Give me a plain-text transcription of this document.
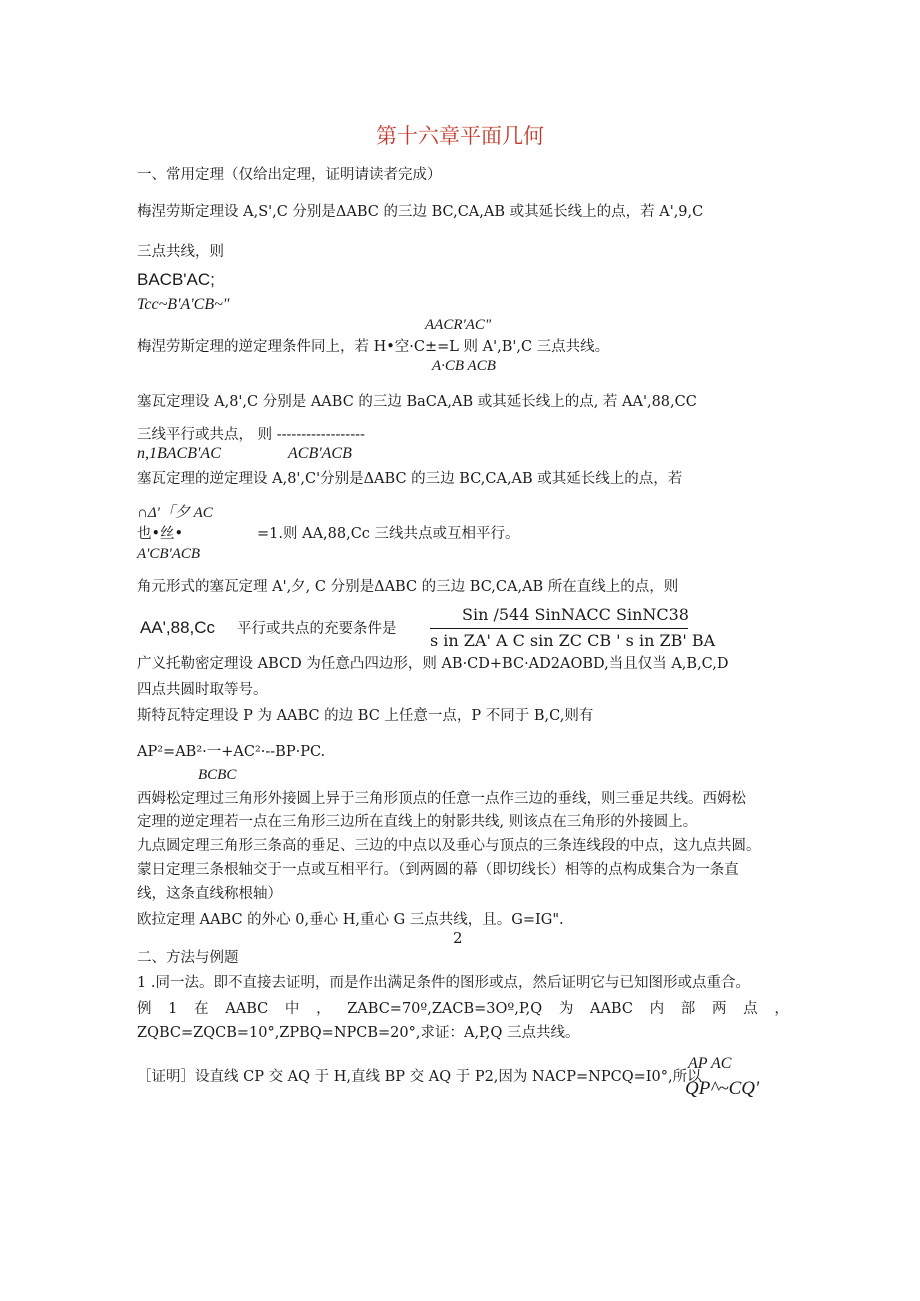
第十六章平面几何
一、常用定理（仅给出定理，证明请读者完成）
梅涅劳斯定理设 A,S',C 分别是ΔABC 的三边 BC,CA,AB 或其延长线上的点，若 A',9,C
三点共线，则
BACB'AC;
Tcc~B'A'CB~"
AACR'AC"
梅涅劳斯定理的逆定理条件同上，若 H•空·C±=L 则 A',B',C 三点共线。
A·CB ACB
塞瓦定理设 A,8',C 分别是 AABC 的三边 BaCA,AB 或其延长线上的点, 若 AA',88,CC
三线平行或共点， 则 ------------------
n,1BACB'AC	ACB'ACB
塞瓦定理的逆定理设 A,8',C'分别是ΔABC 的三边 BC,CA,AB 或其延长线上的点，若
∩Δ'「夕 AC
也•丝•	=1.则 AA,88,Cc 三线共点或互相平行。
A'CB'ACB
角元形式的塞瓦定理 A',夕, C 分别是ΔABC 的三边 BC,CA,AB 所在直线上的点，则
AA',88,Cc 平行或共点的充要条件是
Sin /544 SinNACC SinNC38
s in ZA' A C sin ZC CB ' s in ZB' BA
广义托勒密定理设 ABCD 为任意凸四边形，则 AB·CD+BC·AD2AOBD,当且仅当 A,B,C,D
四点共圆时取等号。
斯特瓦特定理设 P 为 AABC 的边 BC 上任意一点，P 不同于 B,C,则有
AP²=AB²·一+AC²·--BP·PC.
BCBC
西姆松定理过三角形外接圆上异于三角形顶点的任意一点作三边的垂线，则三垂足共线。西姆松
定理的逆定理若一点在三角形三边所在直线上的射影共线, 则该点在三角形的外接圆上。
九点圆定理三角形三条高的垂足、三边的中点以及垂心与顶点的三条连线段的中点，这九点共圆。
蒙日定理三条根轴交于一点或互相平行。（到两圆的幕（即切线长）相等的点构成集合为一条直
线，这条直线称根轴）
欧拉定理 AABC 的外心 0,垂心 H,重心 G 三点共线，且。G=IG".
2
二、方法与例题
1 .同一法。即不直接去证明，而是作出满足条件的图形或点，然后证明它与已知图形或点重合。
例 1 在 AABC 中 ， ZABC=70º,ZACB=3Oº,P,Q 为 AABC 内 部 两 点 ，
ZQBC=ZQCB=10°,ZPBQ=NPCB=20°,求证：A,P,Q 三点共线。
AP AC
［证明］设直线 CP 交 AQ 于 H,直线 BP 交 AQ 于 P2,因为 NACP=NPCQ=I0°,所以
QP^~CQ'
